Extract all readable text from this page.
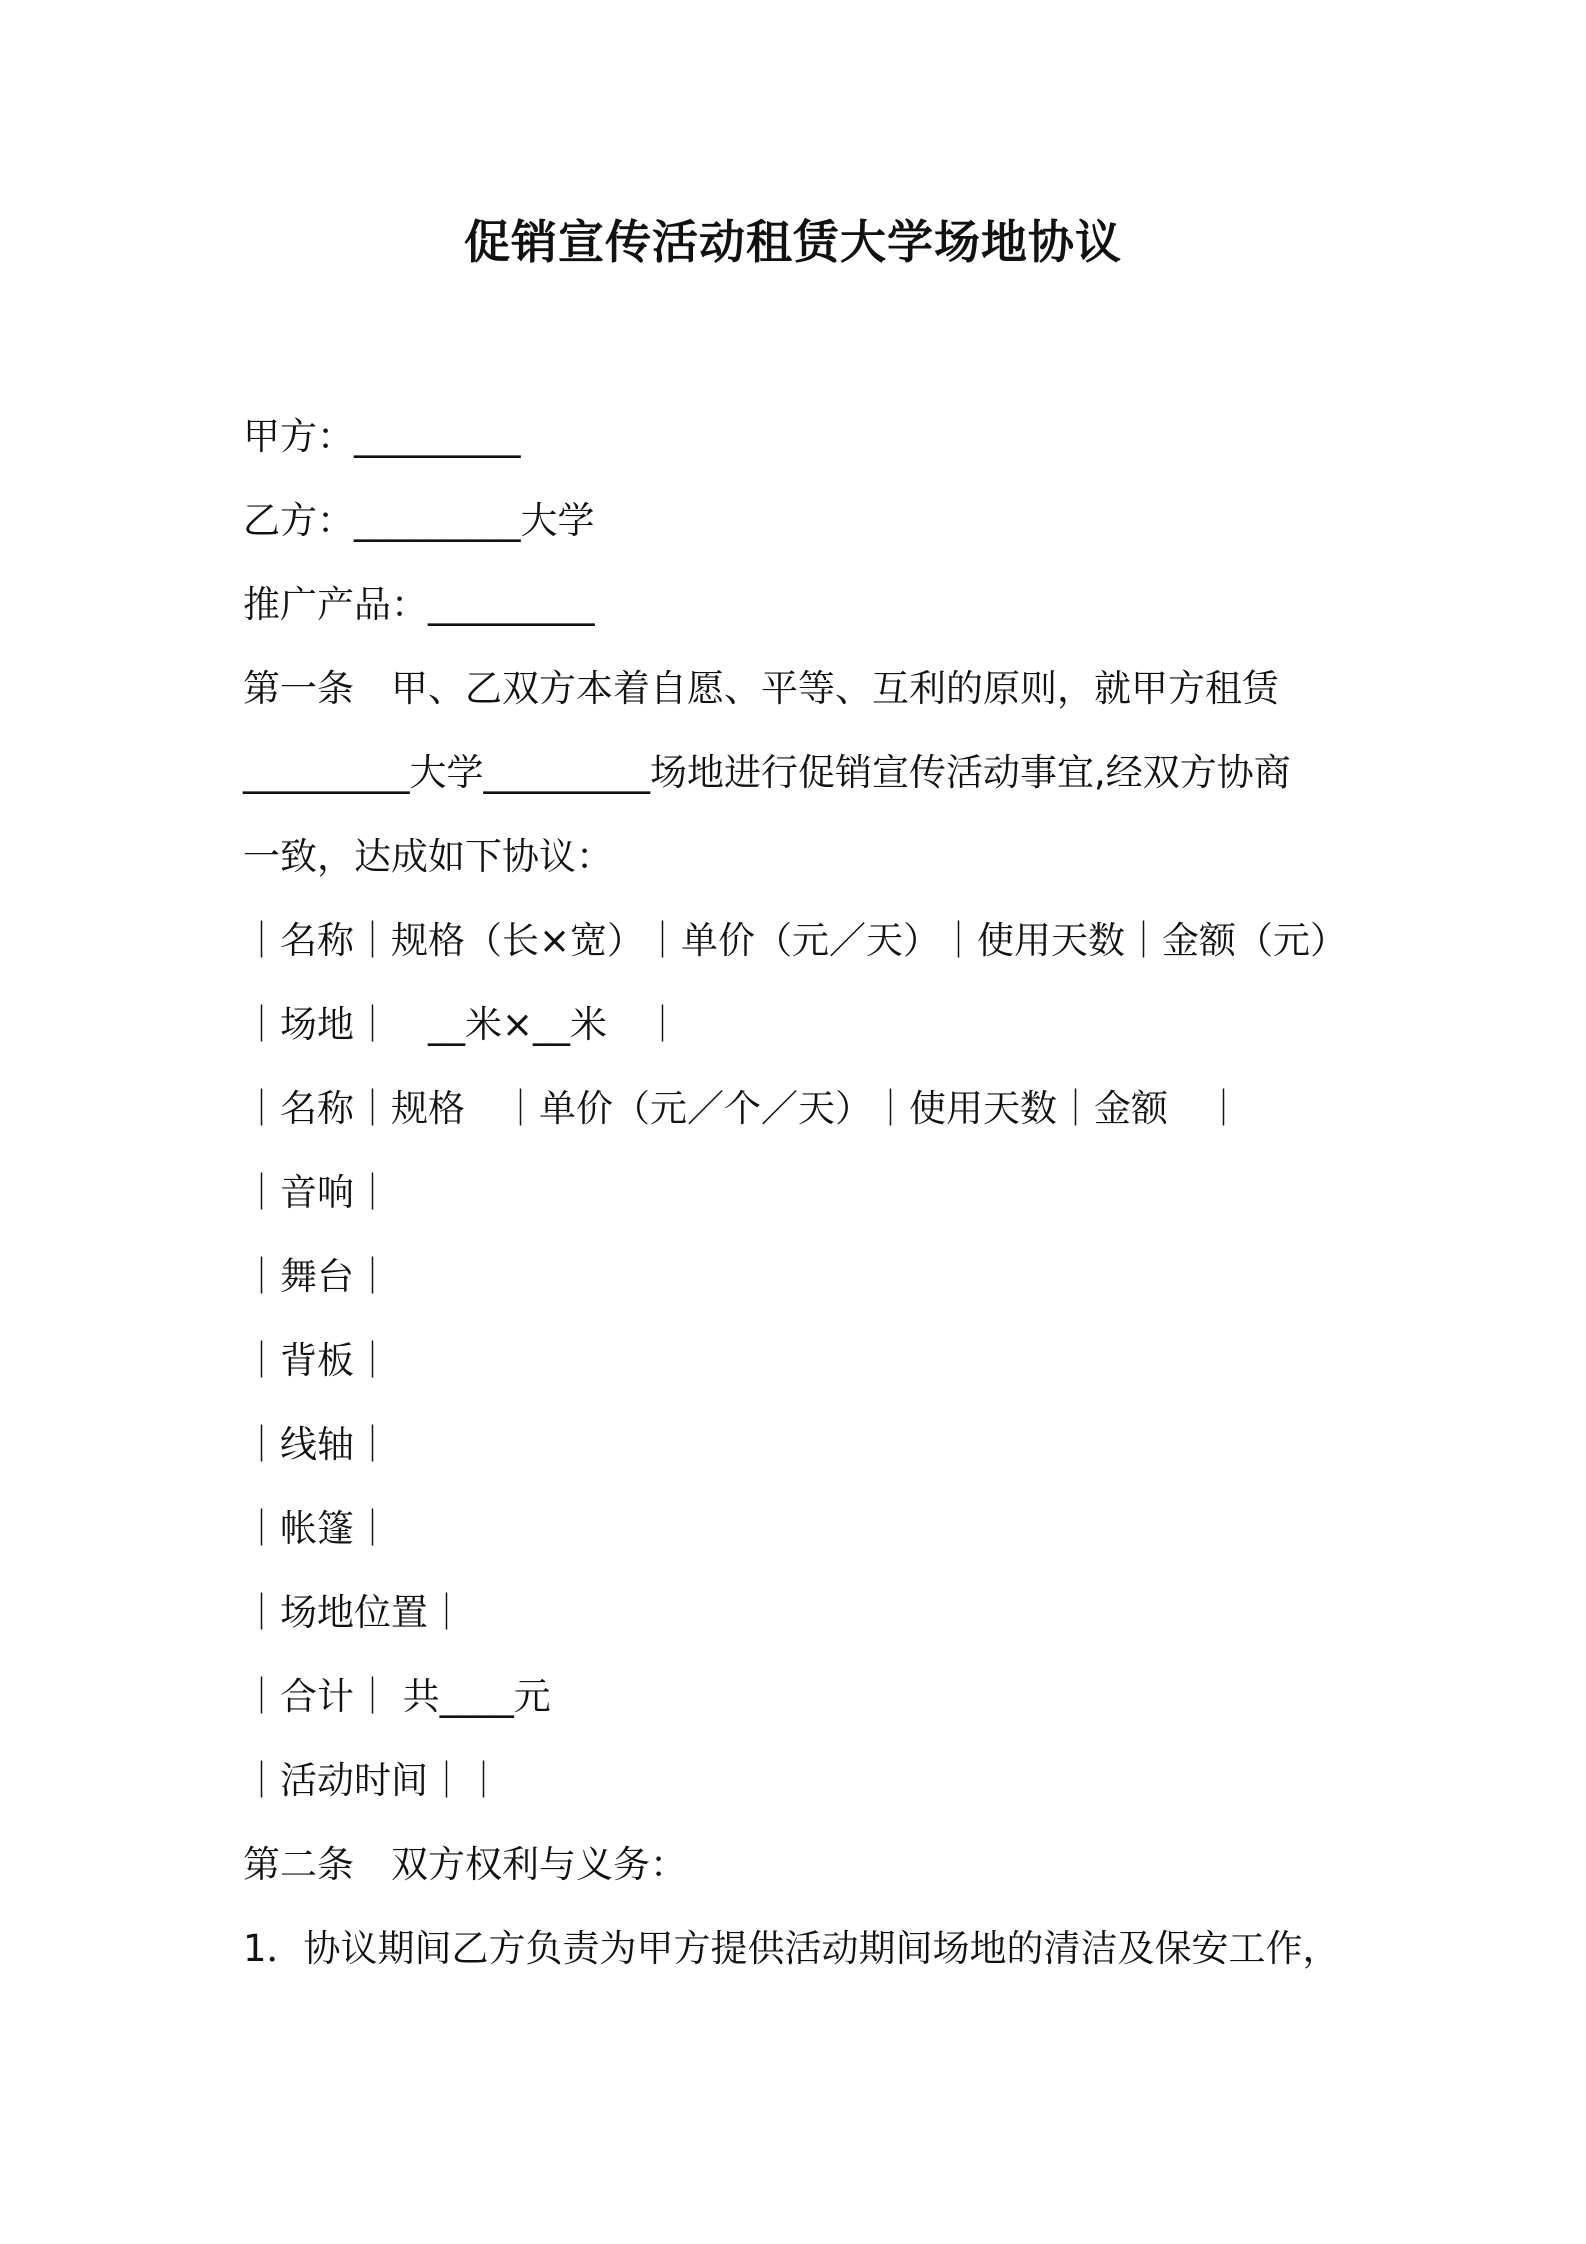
促销宣传活动租赁大学场地协议
甲方：_________
乙方：_________大学
推广产品：_________
第一条　甲、乙双方本着自愿、平等、互利的原则，就甲方租赁
_________大学_________场地进行促销宣传活动事宜,经双方协商
一致，达成如下协议：
｜名称｜规格（长×宽）｜单价（元／天）｜使用天数｜金额（元）
｜场地｜　__米×__米　｜
｜名称｜规格　｜单价（元／个／天）｜使用天数｜金额　｜
｜音响｜
｜舞台｜
｜背板｜
｜线轴｜
｜帐篷｜
｜场地位置｜
｜合计｜ 共____元
｜活动时间｜｜
第二条　双方权利与义务：
1．协议期间乙方负责为甲方提供活动期间场地的清洁及保安工作，
